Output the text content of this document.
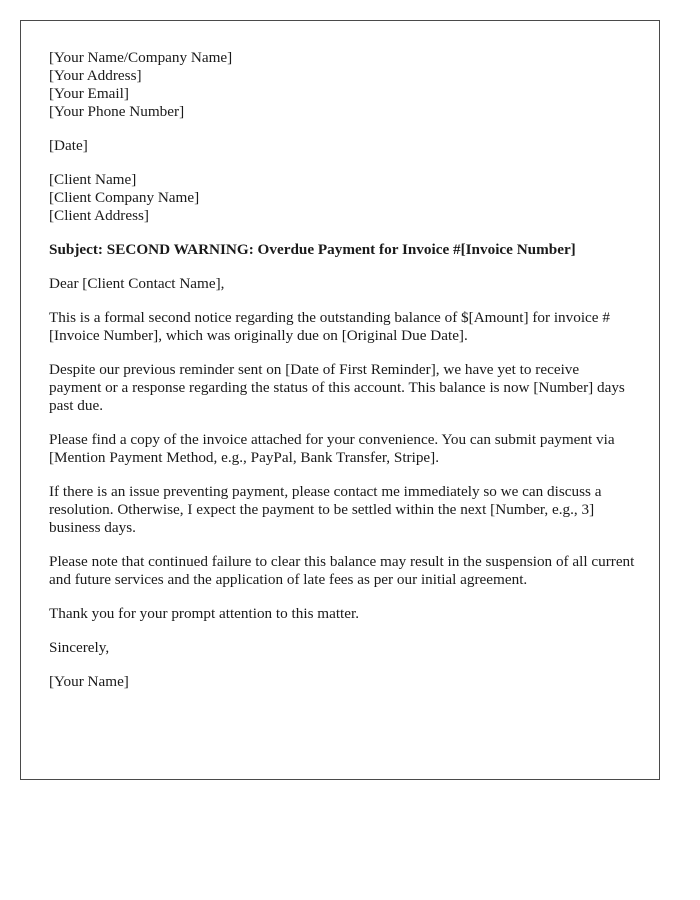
[Your Name/Company Name]
[Your Address]
[Your Email]
[Your Phone Number]
[Date]
[Client Name]
[Client Company Name]
[Client Address]

Subject: SECOND WARNING: Overdue Payment for Invoice #[Invoice Number]

Dear [Client Contact Name],

This is a formal second notice regarding the outstanding balance of $[Amount] for invoice #[Invoice Number], which was originally due on [Original Due Date].

Despite our previous reminder sent on [Date of First Reminder], we have yet to receive payment or a response regarding the status of this account. This balance is now [Number] days past due.

Please find a copy of the invoice attached for your convenience. You can submit payment via [Mention Payment Method, e.g., PayPal, Bank Transfer, Stripe].

If there is an issue preventing payment, please contact me immediately so we can discuss a resolution. Otherwise, I expect the payment to be settled within the next [Number, e.g., 3] business days.

Please note that continued failure to clear this balance may result in the suspension of all current and future services and the application of late fees as per our initial agreement.

Thank you for your prompt attention to this matter.

Sincerely,

[Your Name]
